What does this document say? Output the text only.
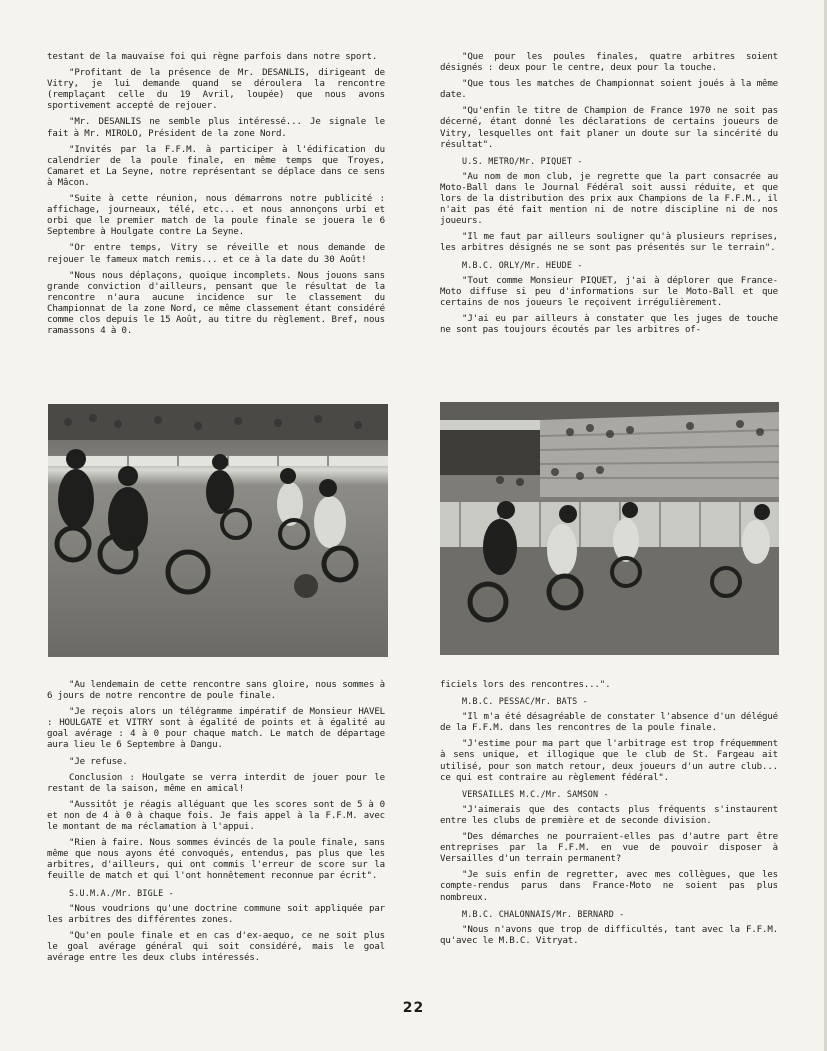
testant de la mauvaise foi qui règne parfois dans notre sport.

"Profitant de la présence de Mr. DESANLIS, dirigeant de Vitry, je lui demande quand se déroulera la rencontre (remplaçant celle du 19 Avril, loupée) que nous avons sportivement accepté de rejouer.

"Mr. DESANLIS ne semble plus intéressé... Je signale le fait à Mr. MIROLO, Président de la zone Nord.

"Invités par la F.F.M. à participer à l'édification du calendrier de la poule finale, en même temps que Troyes, Camaret et La Seyne, notre représentant se déplace dans ce sens à Mâcon.

"Suite à cette réunion, nous démarrons notre publicité : affichage, journeaux, télé, etc... et nous annonçons urbi et orbi que le premier match de la poule finale se jouera le 6 Septembre à Houlgate contre La Seyne.

"Or entre temps, Vitry se réveille et nous demande de rejouer le fameux match remis... et ce à la date du 30 Août!

"Nous nous déplaçons, quoique incomplets. Nous jouons sans grande conviction d'ailleurs, pensant que le résultat de la rencontre n'aura aucune incidence sur le classement du Championnat de la zone Nord, ce même classement étant considéré comme clos depuis le 15 Août, au titre du règlement. Bref, nous ramassons 4 à 0.

"Que pour les poules finales, quatre arbitres soient désignés : deux pour le centre, deux pour la touche.

"Que tous les matches de Championnat soient joués à la même date.

"Qu'enfin le titre de Champion de France 1970 ne soit pas décerné, étant donné les déclarations de certains joueurs de Vitry, lesquelles ont fait planer un doute sur la sincérité du résultat".

U.S. METRO/Mr. PIQUET -

"Au nom de mon club, je regrette que la part consacrée au Moto-Ball dans le Journal Fédéral soit aussi réduite, et que lors de la distribution des prix aux Champions de la F.F.M., il n'ait pas été fait mention ni de notre discipline ni de nos joueurs.

"Il me faut par ailleurs souligner qu'à plusieurs reprises, les arbitres désignés ne se sont pas présentés sur le terrain".

M.B.C. ORLY/Mr. HEUDE -

"Tout comme Monsieur PIQUET, j'ai à déplorer que France-Moto diffuse si peu d'informations sur le Moto-Ball et que certains de nos joueurs le reçoivent irrégulièrement.

"J'ai eu par ailleurs à constater que les juges de touche ne sont pas toujours écoutés par les arbitres of-

"Au lendemain de cette rencontre sans gloire, nous sommes à 6 jours de notre rencontre de poule finale.

"Je reçois alors un télégramme impératif de Monsieur HAVEL : HOULGATE et VITRY sont à égalité de points et à égalité au goal avérage : 4 à 0 pour chaque match. Le match de départage aura lieu le 6 Septembre à Dangu.

"Je refuse.

Conclusion : Houlgate se verra interdit de jouer pour le restant de la saison, même en amical!

"Aussitôt je réagis alléguant que les scores sont de 5 à 0 et non de 4 à 0 à chaque fois. Je fais appel à la F.F.M. avec le montant de ma réclamation à l'appui.

"Rien à faire. Nous sommes évincés de la poule finale, sans même que nous ayons été convoqués, entendus, pas plus que les arbitres, d'ailleurs, qui ont commis l'erreur de score sur la feuille de match et qui l'ont honnêtement reconnue par écrit".

S.U.M.A./Mr. BIGLE -

"Nous voudrions qu'une doctrine commune soit appliquée par les arbitres des différentes zones.

"Qu'en poule finale et en cas d'ex-aequo, ce ne soit plus le goal avérage général qui soit considéré, mais le goal avérage entre les deux clubs intéressés.

ficiels lors des rencontres...".

M.B.C. PESSAC/Mr. BATS -

"Il m'a été désagréable de constater l'absence d'un délégué de la F.F.M. dans les rencontres de la poule finale.

"J'estime pour ma part que l'arbitrage est trop fréquemment à sens unique, et illogique que le club de St. Fargeau ait utilisé, pour son match retour, deux joueurs d'un autre club... ce qui est contraire au règlement fédéral".

VERSAILLES M.C./Mr. SAMSON -

"J'aimerais que des contacts plus fréquents s'instaurent entre les clubs de première et de seconde division.

"Des démarches ne pourraient-elles pas d'autre part être entreprises par la F.F.M. en vue de pouvoir disposer à Versailles d'un terrain permanent?

"Je suis enfin de regretter, avec mes collègues, que les compte-rendus parus dans France-Moto ne soient pas plus nombreux.

M.B.C. CHALONNAIS/Mr. BERNARD -

"Nous n'avons que trop de difficultés, tant avec la F.F.M. qu'avec le M.B.C. Vitryat.

22
